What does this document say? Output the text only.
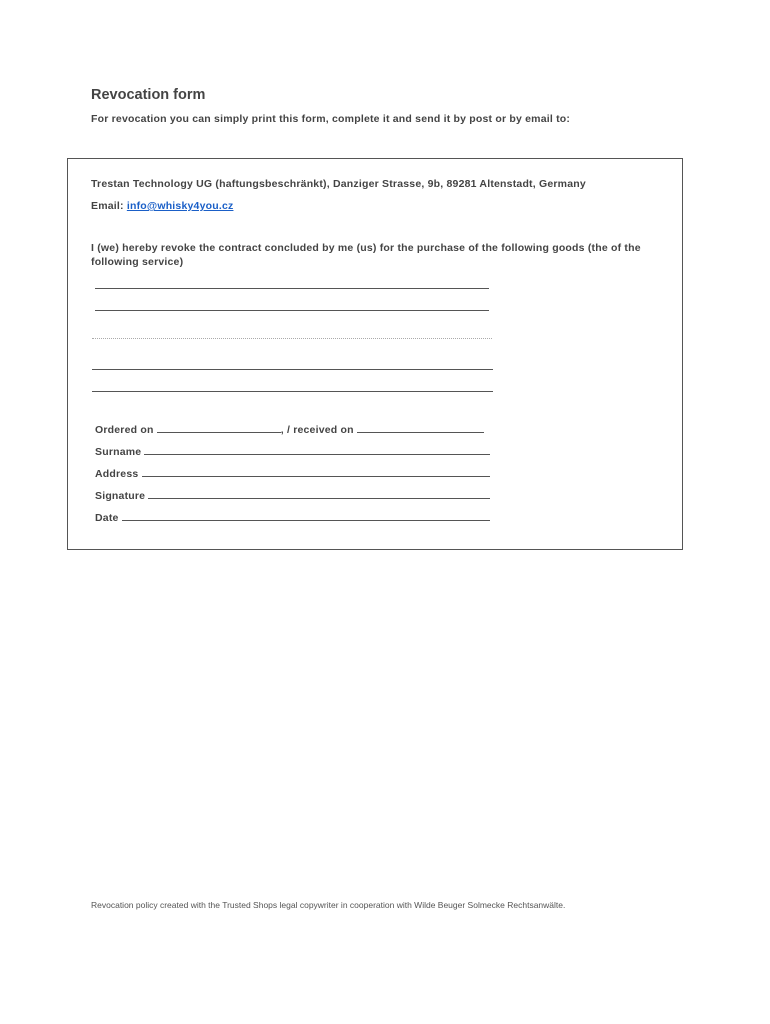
Revocation form
For revocation you can simply print this form, complete it and send it by post or by email to:
Trestan Technology UG (haftungsbeschränkt), Danziger Strasse, 9b, 89281 Altenstadt, Germany
Email: info@whisky4you.cz
I (we) hereby revoke the contract concluded by me (us) for the purchase of the following goods (the of the following service)
Ordered on	, / received on
Surname
Address
Signature
Date
Revocation policy created with the Trusted Shops legal copywriter in cooperation with Wilde Beuger Solmecke Rechtsanwälte.
